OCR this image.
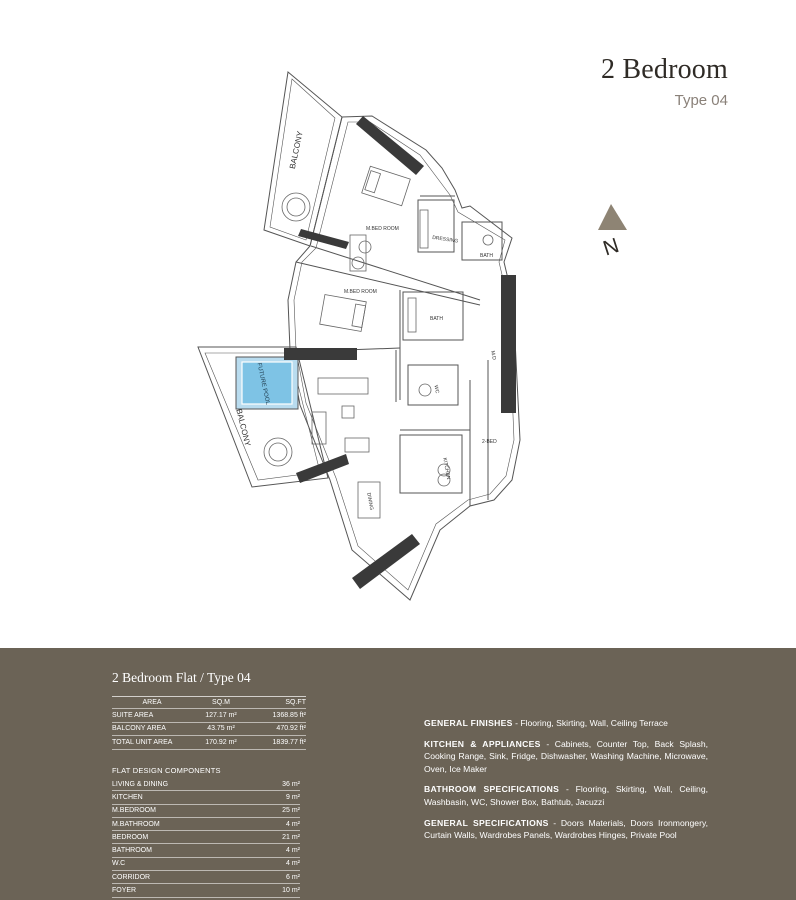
2 Bedroom
Type 04
N
FUTURE POOL
BALCONY
BALCONY
M.BED ROOM
M.BED ROOM
DRESSING
BATH
BATH
WC
KITCHEN
DINING
2-BED
M.D
2 Bedroom Flat / Type 04
AREA	SQ.M	SQ.FT
SUITE AREA	127.17 m²	1368.85 ft²
BALCONY AREA	43.75 m²	470.92 ft²
TOTAL UNIT AREA	170.92 m²	1839.77 ft²
FLAT DESIGN COMPONENTS
LIVING & DINING	36 m²
KITCHEN	9 m²
M.BEDROOM	25 m²
M.BATHROOM	4 m²
BEDROOM	21 m²
BATHROOM	4 m²
W.C	4 m²
CORRIDOR	6 m²
FOYER	10 m²
GENERAL FINISHES - Flooring, Skirting, Wall, Ceiling Terrace
KITCHEN & APPLIANCES - Cabinets, Counter Top, Back Splash, Cooking Range, Sink, Fridge, Dishwasher, Washing Machine, Microwave, Oven, Ice Maker
BATHROOM SPECIFICATIONS - Flooring, Skirting, Wall, Ceiling, Washbasin, WC, Shower Box, Bathtub, Jacuzzi
GENERAL SPECIFICATIONS - Doors Materials, Doors Ironmongery, Curtain Walls, Wardrobes Panels, Wardrobes Hinges, Private Pool
